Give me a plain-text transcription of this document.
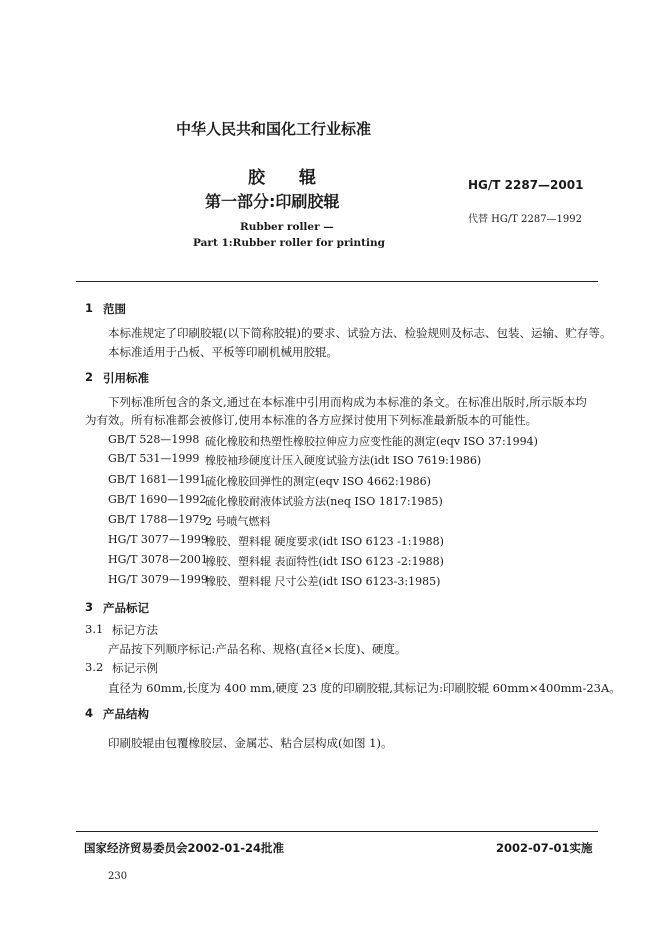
中华人民共和国化工行业标准
胶 辊
第一部分:印刷胶辊
Rubber roller —
Part 1:Rubber roller for printing
HG/T 2287—2001
代替 HG/T 2287—1992
1 范围
本标准规定了印刷胶辊(以下简称胶辊)的要求、试验方法、检验规则及标志、包装、运输、贮存等。
本标准适用于凸板、平板等印刷机械用胶辊。
2 引用标准
下列标准所包含的条文,通过在本标准中引用而构成为本标准的条文。在标准出版时,所示版本均
为有效。所有标准都会被修订,使用本标准的各方应探讨使用下列标准最新版本的可能性。
GB/T 528—1998 硫化橡胶和热塑性橡胶拉伸应力应变性能的测定(eqv ISO 37:1994)
GB/T 531—1999 橡胶袖珍硬度计压入硬度试验方法(idt ISO 7619:1986)
GB/T 1681—1991
硫化橡胶回弹性的测定(eqv ISO 4662:1986)
GB/T 1690—1992
硫化橡胶耐液体试验方法(neq ISO 1817:1985)
GB/T 1788—1979
2 号喷气燃料
HG/T 3077—1999
橡胶、塑料辊 硬度要求(idt ISO 6123 -1:1988)
HG/T 3078—2001
橡胶、塑料辊 表面特性(idt ISO 6123 -2:1988)
HG/T 3079—1999
橡胶、塑料辊 尺寸公差(idt ISO 6123-3:1985)
3 产品标记
3.1 标记方法
产品按下列顺序标记:产品名称、规格(直径×长度)、硬度。
3.2 标记示例
直径为 60mm,长度为 400 mm,硬度 23 度的印刷胶辊,其标记为:印刷胶辊 60mm×400mm-23A。
4 产品结构
印刷胶辊由包覆橡胶层、金属芯、粘合层构成(如图 1)。
国家经济贸易委员会2002-01-24批准	2002-07-01实施
230
